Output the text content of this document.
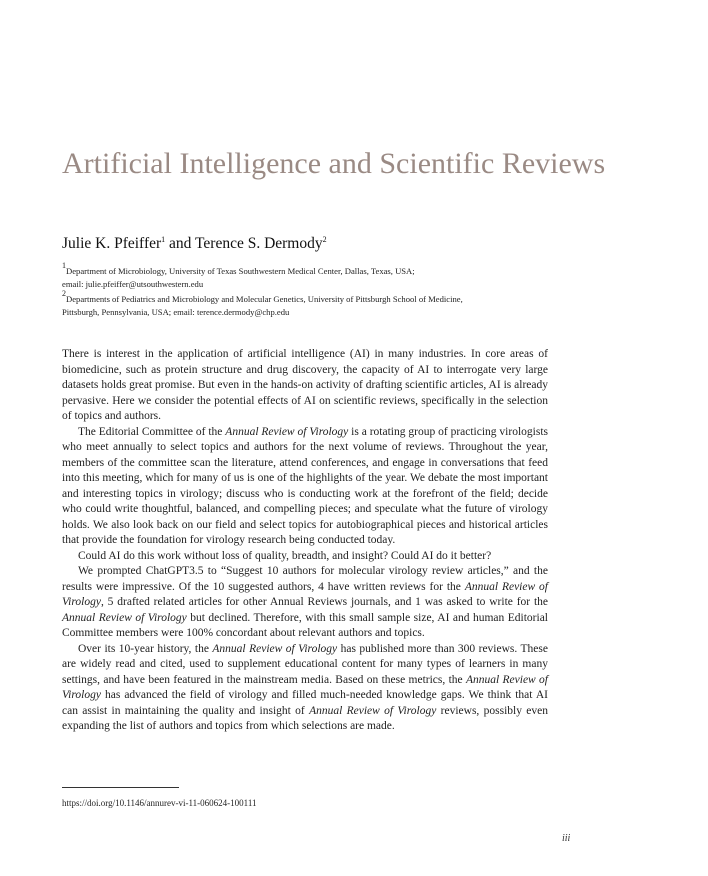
Artificial Intelligence and Scientific Reviews
Julie K. Pfeiffer$^1$ and Terence S. Dermody$^2$
$^1$Department of Microbiology, University of Texas Southwestern Medical Center, Dallas, Texas, USA;
email: julie.pfeiffer@utsouthwestern.edu
$^2$Departments of Pediatrics and Microbiology and Molecular Genetics, University of Pittsburgh School of Medicine,
Pittsburgh, Pennsylvania, USA; email: terence.dermody@chp.edu

There is interest in the application of artificial intelligence (AI) in many industries. In core areas of biomedicine, such as protein structure and drug discovery, the capacity of AI to interrogate very large datasets holds great promise. But even in the hands-on activity of drafting scientific articles, AI is already pervasive. Here we consider the potential effects of AI on scientific reviews, specifically in the selection of topics and authors.

The Editorial Committee of the Annual Review of Virology is a rotating group of practicing virologists who meet annually to select topics and authors for the next volume of reviews. Throughout the year, members of the committee scan the literature, attend conferences, and engage in conversations that feed into this meeting, which for many of us is one of the highlights of the year. We debate the most important and interesting topics in virology; discuss who is conducting work at the forefront of the field; decide who could write thoughtful, balanced, and compelling pieces; and speculate what the future of virology holds. We also look back on our field and select topics for autobiographical pieces and historical articles that provide the foundation for virology research being conducted today.

Could AI do this work without loss of quality, breadth, and insight? Could AI do it better?

We prompted ChatGPT3.5 to “Suggest 10 authors for molecular virology review articles,” and the results were impressive. Of the 10 suggested authors, 4 have written reviews for the Annual Review of Virology, 5 drafted related articles for other Annual Reviews journals, and 1 was asked to write for the Annual Review of Virology but declined. Therefore, with this small sample size, AI and human Editorial Committee members were 100% concordant about relevant authors and topics.

Over its 10-year history, the Annual Review of Virology has published more than 300 reviews. These are widely read and cited, used to supplement educational content for many types of learners in many settings, and have been featured in the mainstream media. Based on these metrics, the Annual Review of Virology has advanced the field of virology and filled much-needed knowledge gaps. We think that AI can assist in maintaining the quality and insight of Annual Review of Virology reviews, possibly even expanding the list of authors and topics from which selections are made.

https://doi.org/10.1146/annurev-vi-11-060624-100111
iii
